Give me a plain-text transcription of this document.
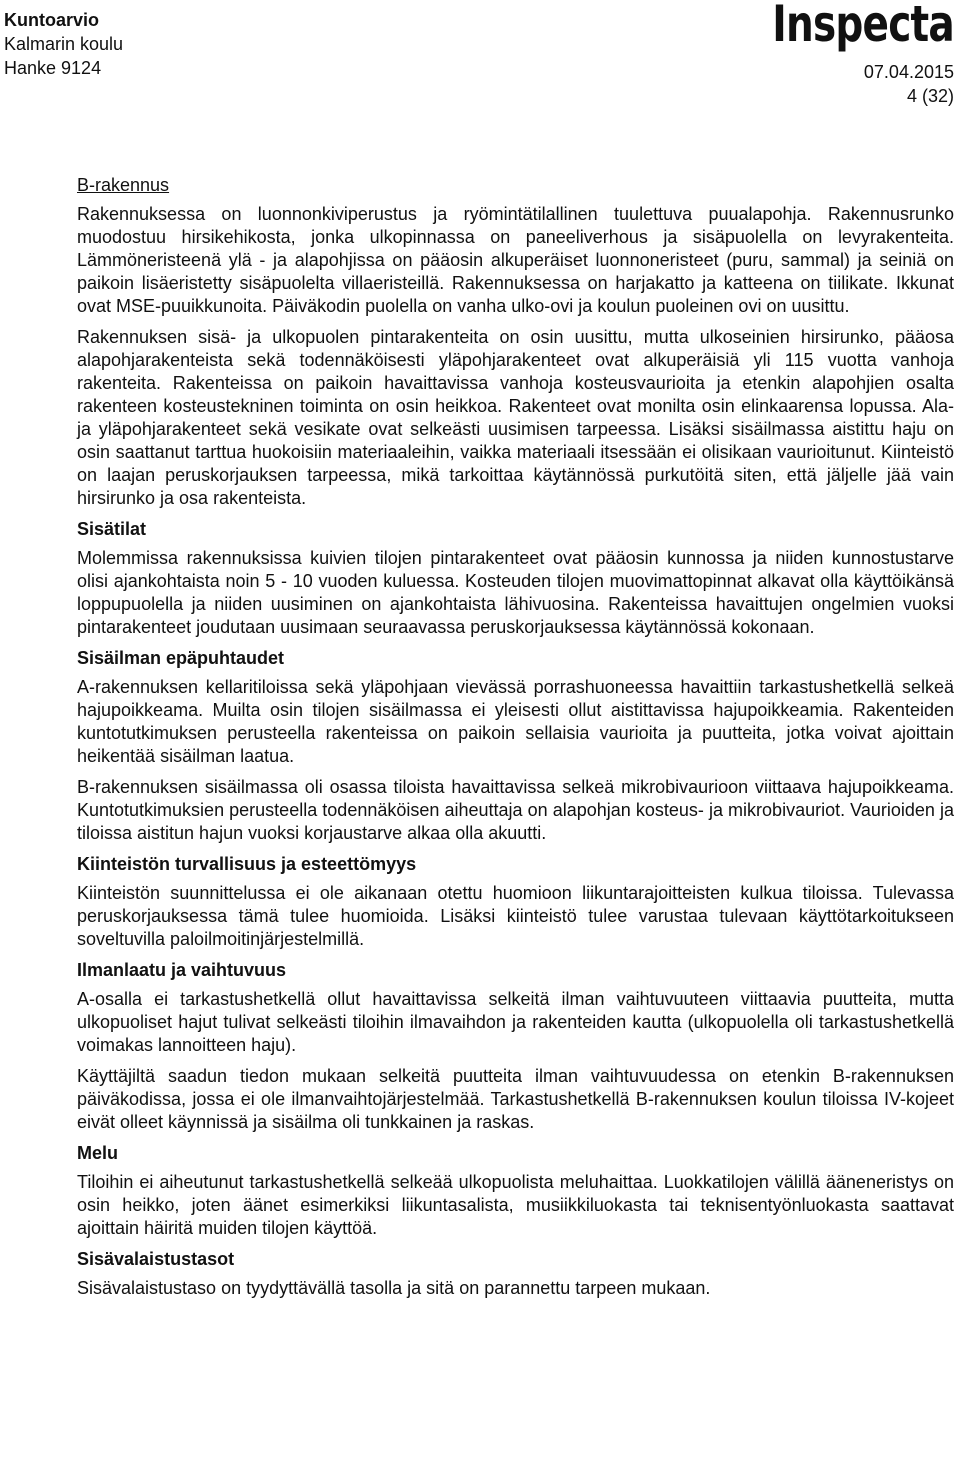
Kuntoarvio
Kalmarin koulu
Hanke 9124
Inspecta
07.04.2015
4 (32)
B-rakennus

Rakennuksessa on luonnonkiviperustus ja ryömintätilallinen tuulettuva puualapohja. Rakennusrunko muodostuu hirsikehikosta, jonka ulkopinnassa on paneeliverhous ja sisäpuolella on levyrakenteita. Lämmöneristeenä ylä - ja alapohjissa on pääosin alkuperäiset luonnoneristeet (puru, sammal) ja seiniä on paikoin lisäeristetty sisäpuolelta villaeristeillä. Rakennuksessa on harjakatto ja katteena on tiilikate. Ikkunat ovat MSE-puuikkunoita. Päiväkodin puolella on vanha ulko-ovi ja koulun puoleinen ovi on uusittu.

Rakennuksen sisä- ja ulkopuolen pintarakenteita on osin uusittu, mutta ulkoseinien hirsirunko, pääosa alapohjarakenteista sekä todennäköisesti yläpohjarakenteet ovat alkuperäisiä yli 115 vuotta vanhoja rakenteita. Rakenteissa on paikoin havaittavissa vanhoja kosteusvaurioita ja etenkin alapohjien osalta rakenteen kosteustekninen toiminta on osin heikkoa. Rakenteet ovat monilta osin elinkaarensa lopussa. Ala- ja yläpohjarakenteet sekä vesikate ovat selkeästi uusimisen tarpeessa. Lisäksi sisäilmassa aistittu haju on osin saattanut tarttua huokoisiin materiaaleihin, vaikka materiaali itsessään ei olisikaan vaurioitunut. Kiinteistö on laajan peruskorjauksen tarpeessa, mikä tarkoittaa käytännössä purkutöitä siten, että jäljelle jää vain hirsirunko ja osa rakenteista.

Sisätilat

Molemmissa rakennuksissa kuivien tilojen pintarakenteet ovat pääosin kunnossa ja niiden kunnostustarve olisi ajankohtaista noin 5 - 10 vuoden kuluessa. Kosteuden tilojen muovimattopinnat alkavat olla käyttöikänsä loppupuolella ja niiden uusiminen on ajankohtaista lähivuosina. Rakenteissa havaittujen ongelmien vuoksi pintarakenteet joudutaan uusimaan seuraavassa peruskorjauksessa käytännössä kokonaan.

Sisäilman epäpuhtaudet

A-rakennuksen kellaritiloissa sekä yläpohjaan vievässä porrashuoneessa havaittiin tarkastushetkellä selkeä hajupoikkeama. Muilta osin tilojen sisäilmassa ei yleisesti ollut aistittavissa hajupoikkeamia. Rakenteiden kuntotutkimuksen perusteella rakenteissa on paikoin sellaisia vaurioita ja puutteita, jotka voivat ajoittain heikentää sisäilman laatua.

B-rakennuksen sisäilmassa oli osassa tiloista havaittavissa selkeä mikrobivaurioon viittaava hajupoikkeama. Kuntotutkimuksien perusteella todennäköisen aiheuttaja on alapohjan kosteus- ja mikrobivauriot. Vaurioiden ja tiloissa aistitun hajun vuoksi korjaustarve alkaa olla akuutti.

Kiinteistön turvallisuus ja esteettömyys

Kiinteistön suunnittelussa ei ole aikanaan otettu huomioon liikuntarajoitteisten kulkua tiloissa. Tulevassa peruskorjauksessa tämä tulee huomioida. Lisäksi kiinteistö tulee varustaa tulevaan käyttötarkoitukseen soveltuvilla paloilmoitinjärjestelmillä.

Ilmanlaatu ja vaihtuvuus

A-osalla ei tarkastushetkellä ollut havaittavissa selkeitä ilman vaihtuvuuteen viittaavia puutteita, mutta ulkopuoliset hajut tulivat selkeästi tiloihin ilmavaihdon ja rakenteiden kautta (ulkopuolella oli tarkastushetkellä voimakas lannoitteen haju).

Käyttäjiltä saadun tiedon mukaan selkeitä puutteita ilman vaihtuvuudessa on etenkin B-rakennuksen päiväkodissa, jossa ei ole ilmanvaihtojärjestelmää. Tarkastushetkellä B-rakennuksen koulun tiloissa IV-kojeet eivät olleet käynnissä ja sisäilma oli tunkkainen ja raskas.

Melu

Tiloihin ei aiheutunut tarkastushetkellä selkeää ulkopuolista meluhaittaa. Luokkatilojen välillä ääneneristys on osin heikko, joten äänet esimerkiksi liikuntasalista, musiikkiluokasta tai teknisentyönluokasta saattavat ajoittain häiritä muiden tilojen käyttöä.

Sisävalaistustasot

Sisävalaistustaso on tyydyttävällä tasolla ja sitä on parannettu tarpeen mukaan.
